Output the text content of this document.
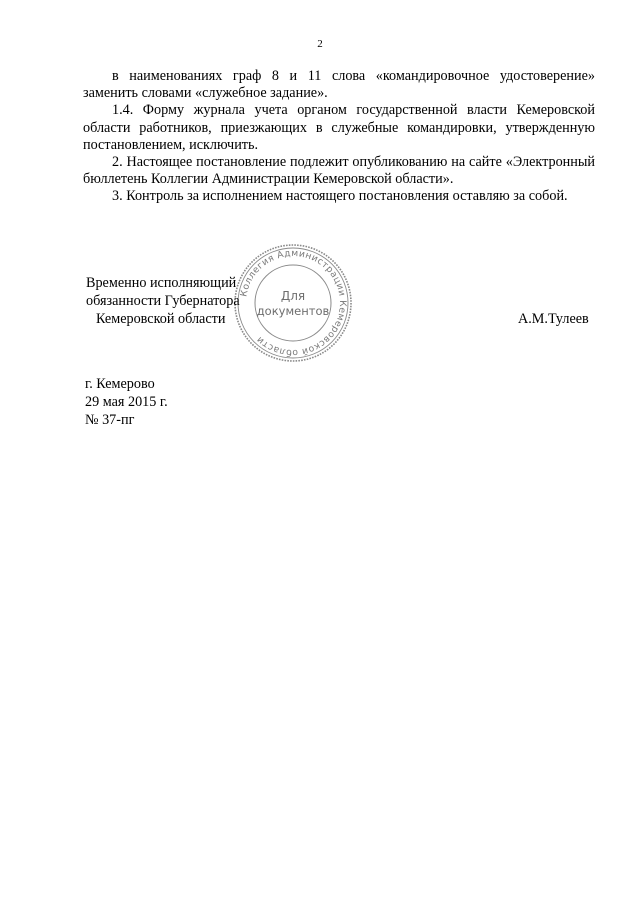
2

в наименованиях граф 8 и 11 слова «командировочное удостоверение» заменить словами «служебное задание».

1.4. Форму журнала учета органом государственной власти Кемеровской области работников, приезжающих в служебные командировки, утвержденную постановлением, исключить.

2. Настоящее постановление подлежит опубликованию на сайте «Электронный бюллетень Коллегии Администрации Кемеровской области».

3. Контроль за исполнением настоящего постановления оставляю за собой.

Коллегия Администрации Кемеровской области
Для
документов
Временно исполняющий
обязанности Губернатора
Кемеровской области	А.М.Тулеев
г. Кемерово
29 мая 2015 г.
№ 37-пг
